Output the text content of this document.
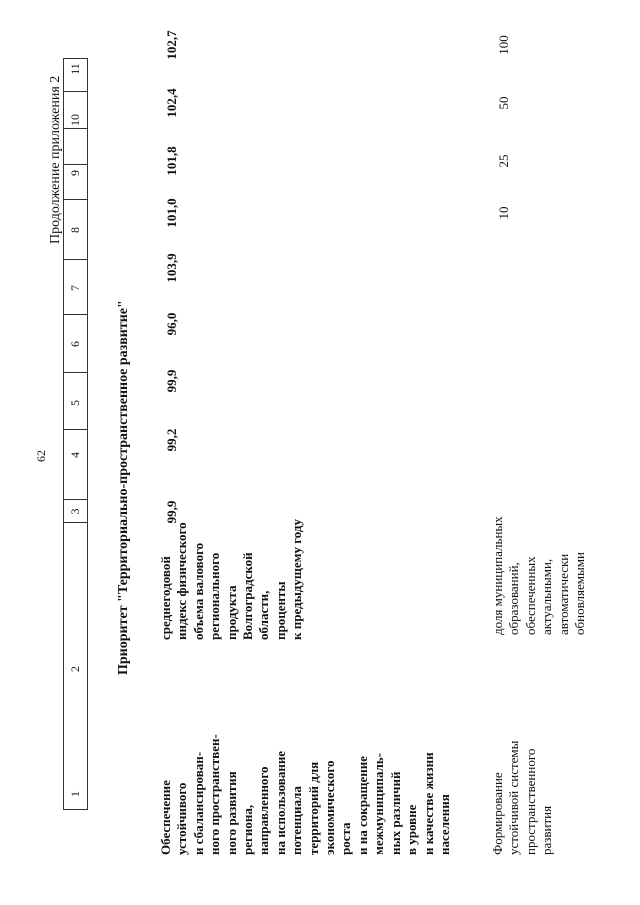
62
Продолжение приложения 2
1
2
3
4
5
6
7
8
9
10
11
Приоритет "Территориально-пространственное развитие"
Обеспечение устойчивого и сбалансирован- ного пространствен- ного развития региона, направленного на использование потенциала территорий для экономического роста и на сокращение межмуниципаль- ных различий в уровне и качестве жизни населения
среднегодовой индекс физического объема валового регионального продукта Волгоградской области, проценты к предыдущему году
99,9
99,2
99,9
96,0
103,9
101,0
101,8
102,4
102,7
Формирование устойчивой системы пространственного развития
доля муниципальных образований, обеспеченных актуальными, автоматически обновляемыми
10
25
50
100
